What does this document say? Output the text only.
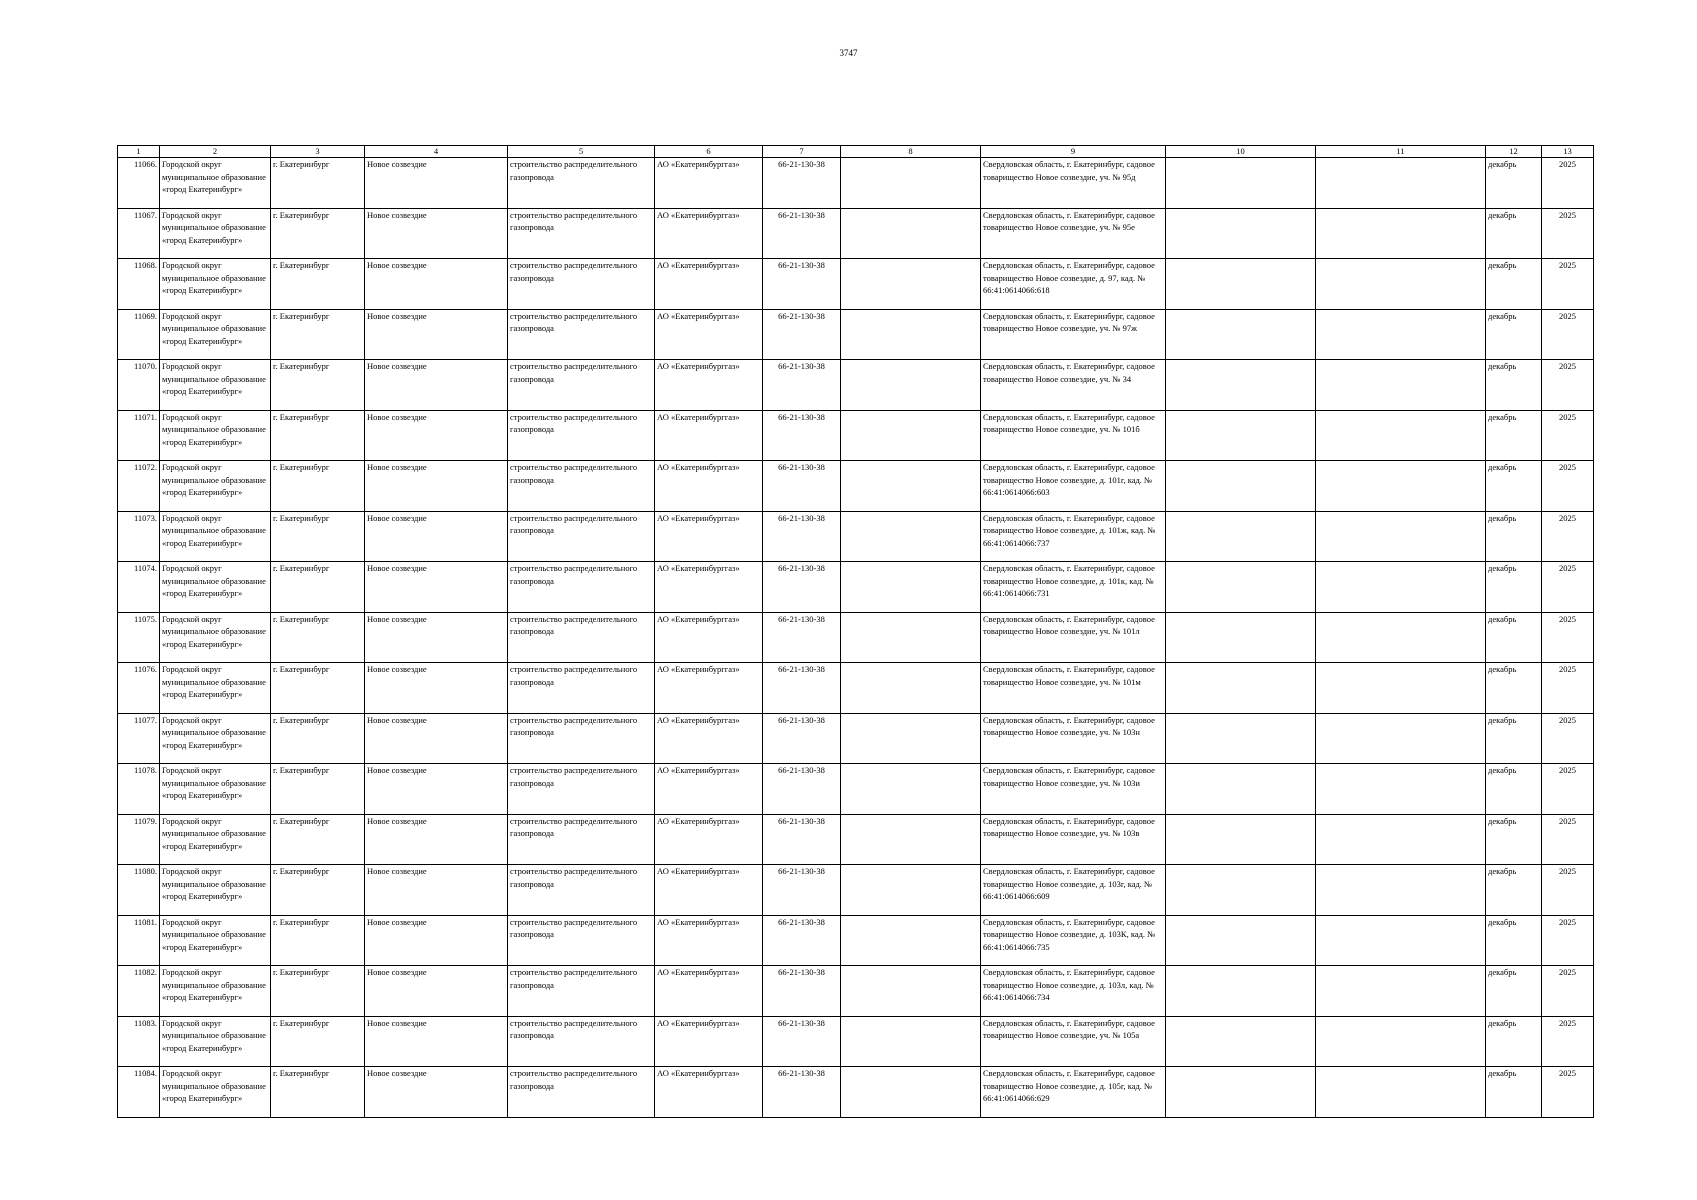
3747
1	2	3	4	5	6	7	8	9	10	11	12	13
11066.	Городской округ муниципальное образование «город Екатеринбург»	г. Екатеринбург	Новое созвездие	строительство распределительного газопровода	АО «Екатеринбурггаз»	66-21-130-38		Свердловская область, г. Екатеринбург, садовое товарищество Новое созвездие, уч. № 95д			декабрь	2025
11067.	Городской округ муниципальное образование «город Екатеринбург»	г. Екатеринбург	Новое созвездие	строительство распределительного газопровода	АО «Екатеринбурггаз»	66-21-130-38		Свердловская область, г. Екатеринбург, садовое товарищество Новое созвездие, уч. № 95е			декабрь	2025
11068.	Городской округ муниципальное образование «город Екатеринбург»	г. Екатеринбург	Новое созвездие	строительство распределительного газопровода	АО «Екатеринбурггаз»	66-21-130-38		Свердловская область, г. Екатеринбург, садовое товарищество Новое созвездие, д. 97, кад. № 66:41:0614066:618			декабрь	2025
11069.	Городской округ муниципальное образование «город Екатеринбург»	г. Екатеринбург	Новое созвездие	строительство распределительного газопровода	АО «Екатеринбурггаз»	66-21-130-38		Свердловская область, г. Екатеринбург, садовое товарищество Новое созвездие, уч. № 97ж			декабрь	2025
11070.	Городской округ муниципальное образование «город Екатеринбург»	г. Екатеринбург	Новое созвездие	строительство распределительного газопровода	АО «Екатеринбурггаз»	66-21-130-38		Свердловская область, г. Екатеринбург, садовое товарищество Новое созвездие, уч. № 34			декабрь	2025
11071.	Городской округ муниципальное образование «город Екатеринбург»	г. Екатеринбург	Новое созвездие	строительство распределительного газопровода	АО «Екатеринбурггаз»	66-21-130-38		Свердловская область, г. Екатеринбург, садовое товарищество Новое созвездие, уч. № 101б			декабрь	2025
11072.	Городской округ муниципальное образование «город Екатеринбург»	г. Екатеринбург	Новое созвездие	строительство распределительного газопровода	АО «Екатеринбурггаз»	66-21-130-38		Свердловская область, г. Екатеринбург, садовое товарищество Новое созвездие, д. 101г, кад. № 66:41:0614066:603			декабрь	2025
11073.	Городской округ муниципальное образование «город Екатеринбург»	г. Екатеринбург	Новое созвездие	строительство распределительного газопровода	АО «Екатеринбурггаз»	66-21-130-38		Свердловская область, г. Екатеринбург, садовое товарищество Новое созвездие, д. 101ж, кад. № 66:41:0614066:737			декабрь	2025
11074.	Городской округ муниципальное образование «город Екатеринбург»	г. Екатеринбург	Новое созвездие	строительство распределительного газопровода	АО «Екатеринбурггаз»	66-21-130-38		Свердловская область, г. Екатеринбург, садовое товарищество Новое созвездие, д. 101к, кад. № 66:41:0614066:731			декабрь	2025
11075.	Городской округ муниципальное образование «город Екатеринбург»	г. Екатеринбург	Новое созвездие	строительство распределительного газопровода	АО «Екатеринбурггаз»	66-21-130-38		Свердловская область, г. Екатеринбург, садовое товарищество Новое созвездие, уч. № 101л			декабрь	2025
11076.	Городской округ муниципальное образование «город Екатеринбург»	г. Екатеринбург	Новое созвездие	строительство распределительного газопровода	АО «Екатеринбурггаз»	66-21-130-38		Свердловская область, г. Екатеринбург, садовое товарищество Новое созвездие, уч. № 101м			декабрь	2025
11077.	Городской округ муниципальное образование «город Екатеринбург»	г. Екатеринбург	Новое созвездие	строительство распределительного газопровода	АО «Екатеринбурггаз»	66-21-130-38		Свердловская область, г. Екатеринбург, садовое товарищество Новое созвездие, уч. № 103н			декабрь	2025
11078.	Городской округ муниципальное образование «город Екатеринбург»	г. Екатеринбург	Новое созвездие	строительство распределительного газопровода	АО «Екатеринбурггаз»	66-21-130-38		Свердловская область, г. Екатеринбург, садовое товарищество Новое созвездие, уч. № 103и			декабрь	2025
11079.	Городской округ муниципальное образование «город Екатеринбург»	г. Екатеринбург	Новое созвездие	строительство распределительного газопровода	АО «Екатеринбурггаз»	66-21-130-38		Свердловская область, г. Екатеринбург, садовое товарищество Новое созвездие, уч. № 103в			декабрь	2025
11080.	Городской округ муниципальное образование «город Екатеринбург»	г. Екатеринбург	Новое созвездие	строительство распределительного газопровода	АО «Екатеринбурггаз»	66-21-130-38		Свердловская область, г. Екатеринбург, садовое товарищество Новое созвездие, д. 103г, кад. № 66:41:0614066:609			декабрь	2025
11081.	Городской округ муниципальное образование «город Екатеринбург»	г. Екатеринбург	Новое созвездие	строительство распределительного газопровода	АО «Екатеринбурггаз»	66-21-130-38		Свердловская область, г. Екатеринбург, садовое товарищество Новое созвездие, д. 103К, кад. № 66:41:0614066:735			декабрь	2025
11082.	Городской округ муниципальное образование «город Екатеринбург»	г. Екатеринбург	Новое созвездие	строительство распределительного газопровода	АО «Екатеринбурггаз»	66-21-130-38		Свердловская область, г. Екатеринбург, садовое товарищество Новое созвездие, д. 103л, кад. № 66:41:0614066:734			декабрь	2025
11083.	Городской округ муниципальное образование «город Екатеринбург»	г. Екатеринбург	Новое созвездие	строительство распределительного газопровода	АО «Екатеринбурггаз»	66-21-130-38		Свердловская область, г. Екатеринбург, садовое товарищество Новое созвездие, уч. № 105а			декабрь	2025
11084.	Городской округ муниципальное образование «город Екатеринбург»	г. Екатеринбург	Новое созвездие	строительство распределительного газопровода	АО «Екатеринбурггаз»	66-21-130-38		Свердловская область, г. Екатеринбург, садовое товарищество Новое созвездие, д. 105г, кад. № 66:41:0614066:629			декабрь	2025
